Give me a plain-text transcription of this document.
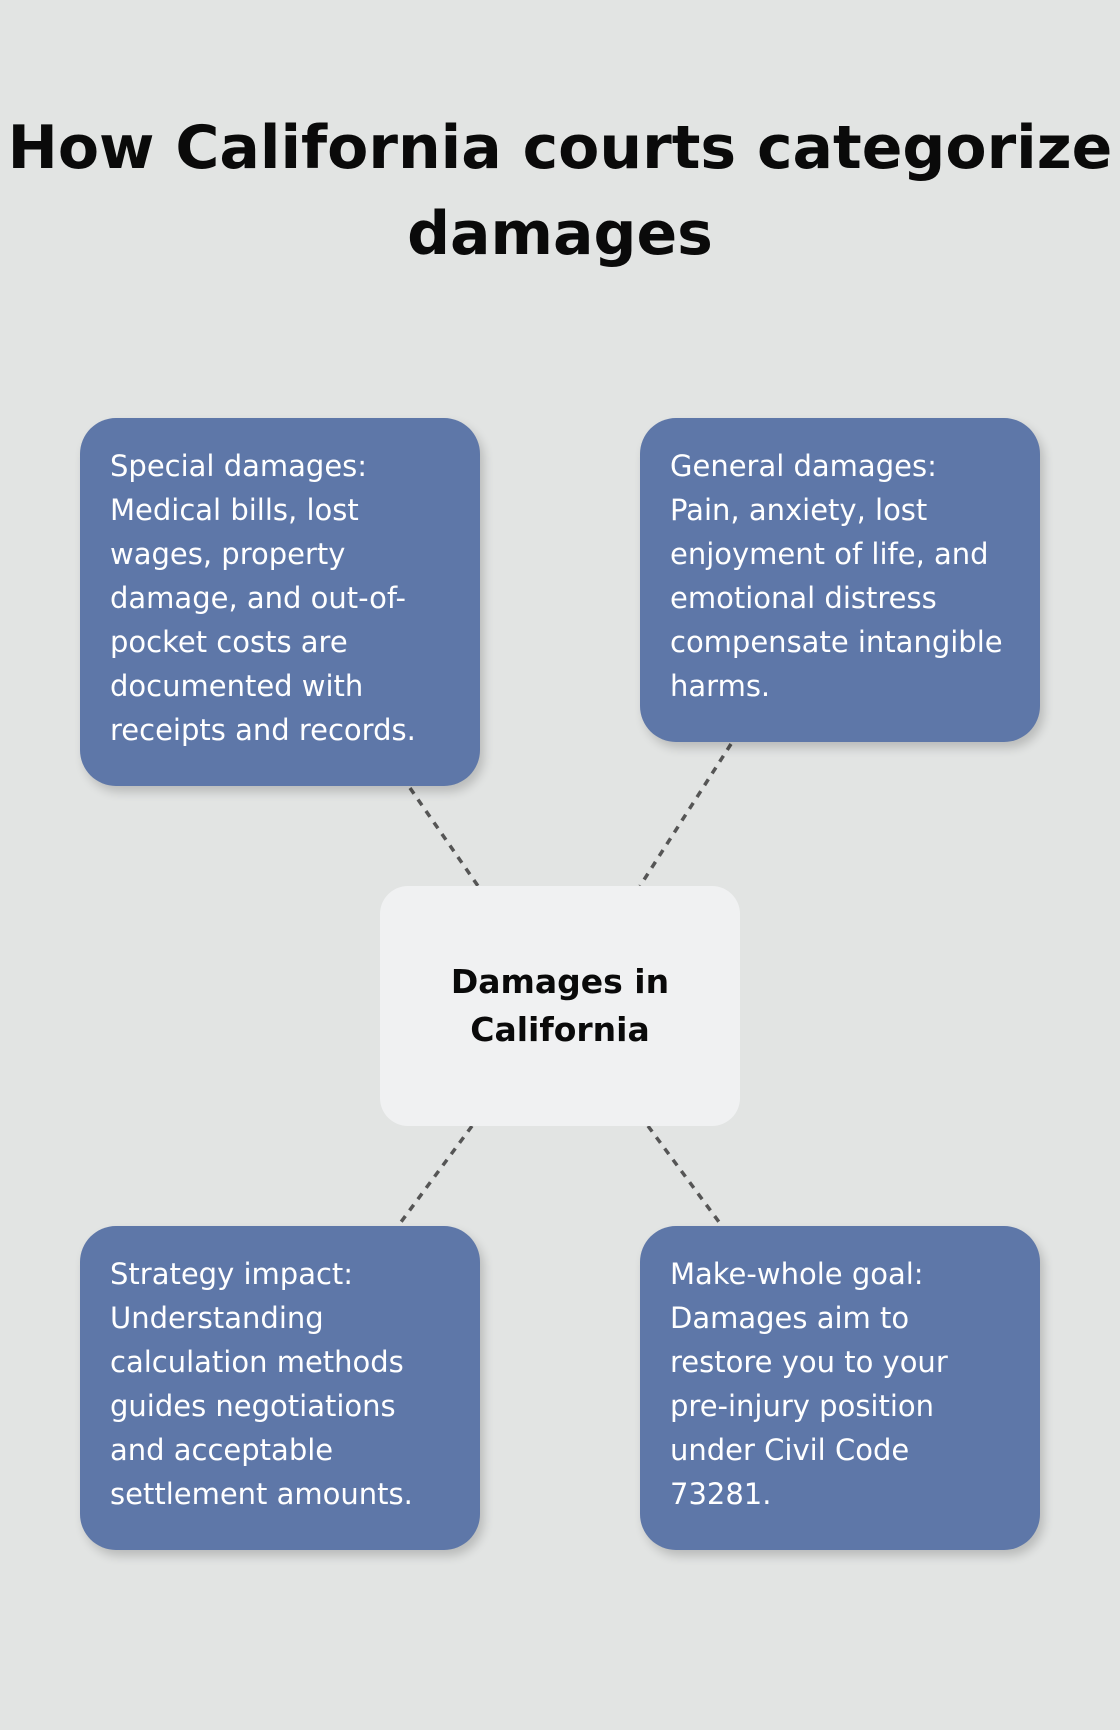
How California courts categorize damages

Special damages: Medical bills, lost wages, property damage, and out-of-pocket costs are documented with receipts and records.

General damages: Pain, anxiety, lost enjoyment of life, and emotional distress compensate intangible harms.

Damages in California

Strategy impact: Understanding calculation methods guides negotiations and acceptable settlement amounts.

Make-whole goal: Damages aim to restore you to your pre-injury position under Civil Code 73281.
